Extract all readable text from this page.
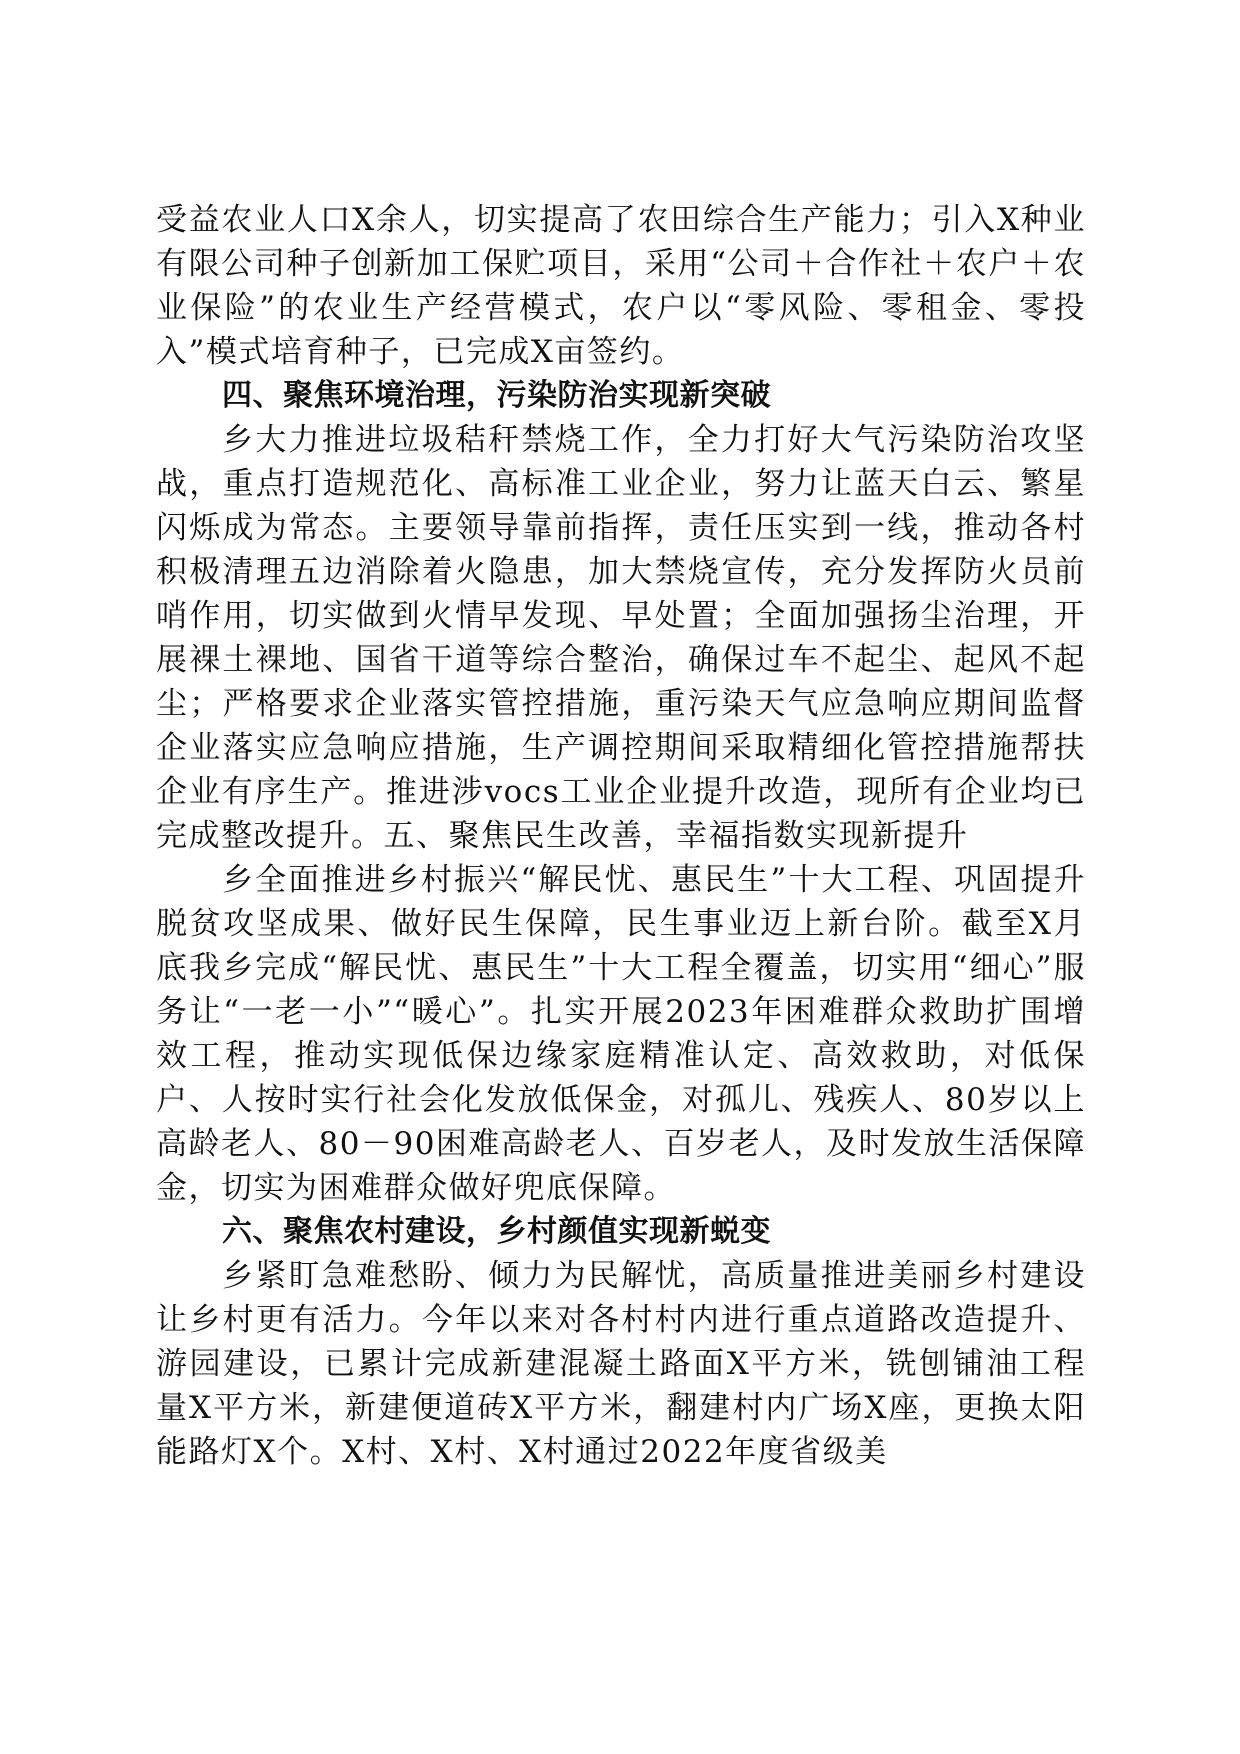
受益农业人口X余人，切实提高了农田综合生产能力；引入X种业有限公司种子创新加工保贮项目，采用“公司＋合作社＋农户＋农业保险”的农业生产经营模式，农户以“零风险、零租金、零投入”模式培育种子，已完成X亩签约。

四、聚焦环境治理，污染防治实现新突破

乡大力推进垃圾秸秆禁烧工作，全力打好大气污染防治攻坚战，重点打造规范化、高标准工业企业，努力让蓝天白云、繁星闪烁成为常态。主要领导靠前指挥，责任压实到一线，推动各村积极清理五边消除着火隐患，加大禁烧宣传，充分发挥防火员前哨作用，切实做到火情早发现、早处置；全面加强扬尘治理，开展裸土裸地、国省干道等综合整治，确保过车不起尘、起风不起尘；严格要求企业落实管控措施，重污染天气应急响应期间监督企业落实应急响应措施，生产调控期间采取精细化管控措施帮扶企业有序生产。推进涉vocs工业企业提升改造，现所有企业均已完成整改提升。五、聚焦民生改善，幸福指数实现新提升

乡全面推进乡村振兴“解民忧、惠民生”十大工程、巩固提升脱贫攻坚成果、做好民生保障，民生事业迈上新台阶。截至X月底我乡完成“解民忧、惠民生”十大工程全覆盖，切实用“细心”服务让“一老一小”“暖心”。扎实开展2023年困难群众救助扩围增效工程，推动实现低保边缘家庭精准认定、高效救助，对低保户、人按时实行社会化发放低保金，对孤儿、残疾人、80岁以上高龄老人、80－90困难高龄老人、百岁老人，及时发放生活保障金，切实为困难群众做好兜底保障。

六、聚焦农村建设，乡村颜值实现新蜕变

乡紧盯急难愁盼、倾力为民解忧，高质量推进美丽乡村建设让乡村更有活力。今年以来对各村村内进行重点道路改造提升、游园建设，已累计完成新建混凝土路面X平方米，铣刨铺油工程量X平方米，新建便道砖X平方米，翻建村内广场X座，更换太阳能路灯X个。X村、X村、X村通过2022年度省级美
